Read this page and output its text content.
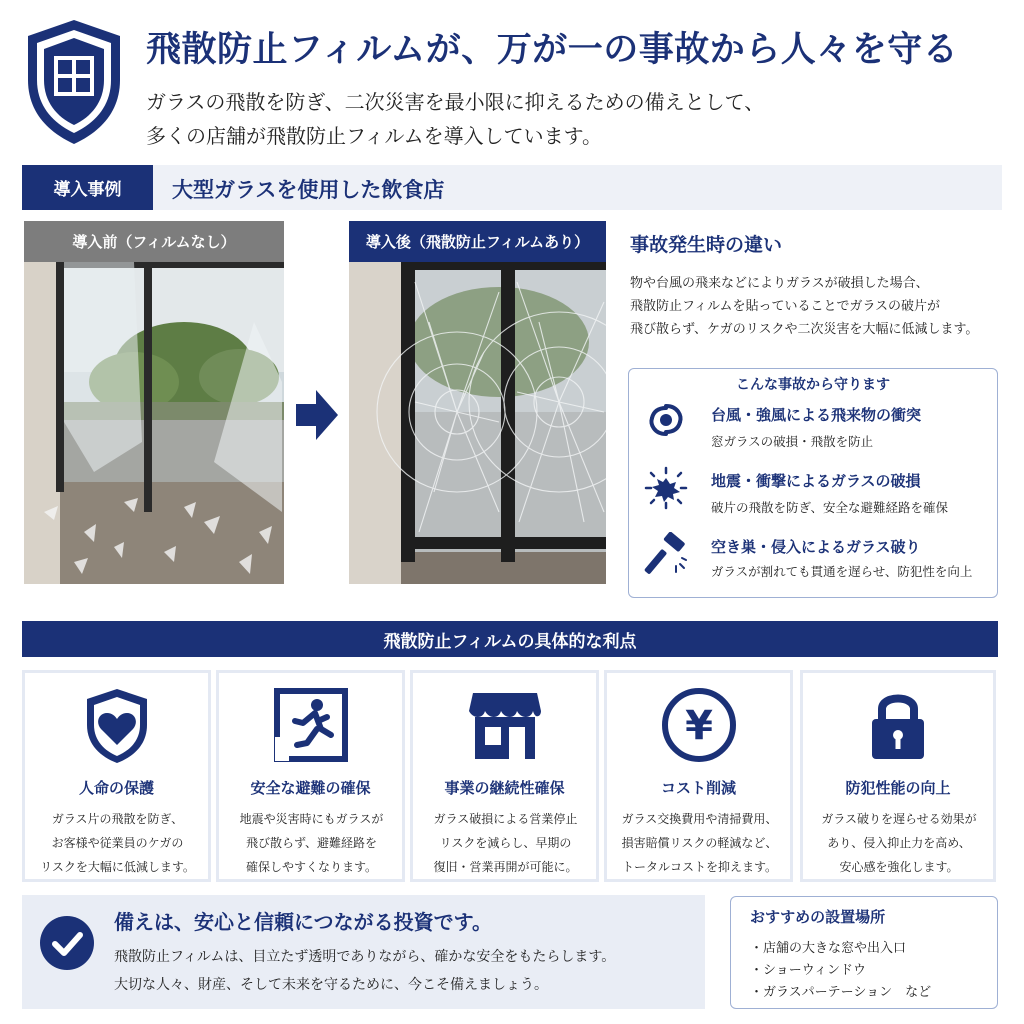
飛散防止フィルムが、万が一の事故から人々を守る
ガラスの飛散を防ぎ、二次災害を最小限に抑えるための備えとして、
多くの店舗が飛散防止フィルムを導入しています。
導入事例	大型ガラスを使用した飲食店
導入前（フィルムなし）	導入後（飛散防止フィルムあり）	事故発生時の違い
物や台風の飛来などによりガラスが破損した場合、
飛散防止フィルムを貼っていることでガラスの破片が
飛び散らず、ケガのリスクや二次災害を大幅に低減します。
こんな事故から守ります
台風・強風による飛来物の衝突
窓ガラスの破損・飛散を防止
地震・衝撃によるガラスの破損
破片の飛散を防ぎ、安全な避難経路を確保
空き巣・侵入によるガラス破り
ガラスが割れても貫通を遅らせ、防犯性を向上
飛散防止フィルムの具体的な利点
人命の保護
ガラス片の飛散を防ぎ、
お客様や従業員のケガの
リスクを大幅に低減します。
安全な避難の確保
地震や災害時にもガラスが
飛び散らず、避難経路を
確保しやすくなります。
事業の継続性確保
ガラス破損による営業停止
リスクを減らし、早期の
復旧・営業再開が可能に。
¥
コスト削減
ガラス交換費用や清掃費用、
損害賠償リスクの軽減など、
トータルコストを抑えます。
防犯性能の向上
ガラス破りを遅らせる効果が
あり、侵入抑止力を高め、
安心感を強化します。
備えは、安心と信頼につながる投資です。
飛散防止フィルムは、目立たず透明でありながら、確かな安全をもたらします。
大切な人々、財産、そして未来を守るために、今こそ備えましょう。
おすすめの設置場所
・店舗の大きな窓や出入口
・ショーウィンドウ
・ガラスパーテーション　など
